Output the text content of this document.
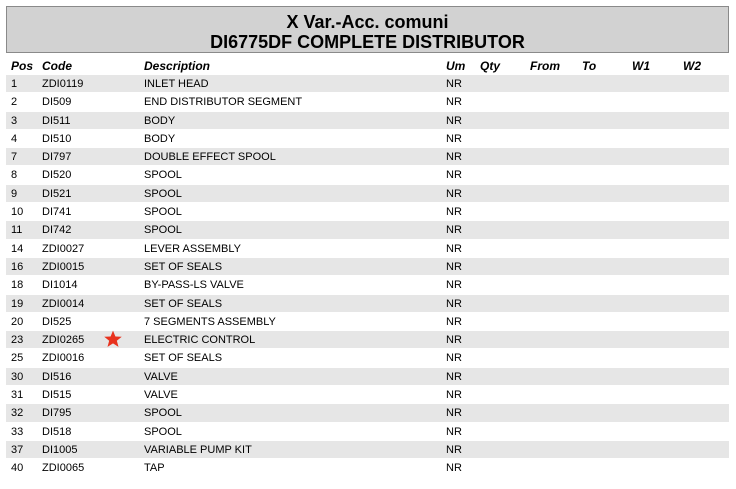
X Var.-Acc. comuni
DI6775DF COMPLETE DISTRIBUTOR
Pos Code	Description	Um Qty From To	W1	W2
1 ZDI0119	INLET HEAD	NR
2 DI509	END DISTRIBUTOR SEGMENT	NR
3 DI511	BODY	NR
4 DI510	BODY	NR
7 DI797	DOUBLE EFFECT SPOOL	NR
8 DI520	SPOOL	NR
9 DI521	SPOOL	NR
10 DI741	SPOOL	NR
11 DI742	SPOOL	NR
14 ZDI0027	LEVER ASSEMBLY	NR
16 ZDI0015	SET OF SEALS	NR
18 DI1014	BY-PASS-LS VALVE	NR
19 ZDI0014	SET OF SEALS	NR
20 DI525	7 SEGMENTS ASSEMBLY	NR
23 ZDI0265	ELECTRIC CONTROL	NR
25 ZDI0016	SET OF SEALS	NR
30 DI516	VALVE	NR
31 DI515	VALVE	NR
32 DI795	SPOOL	NR
33 DI518	SPOOL	NR
37 DI1005	VARIABLE PUMP KIT	NR
40 ZDI0065	TAP	NR
